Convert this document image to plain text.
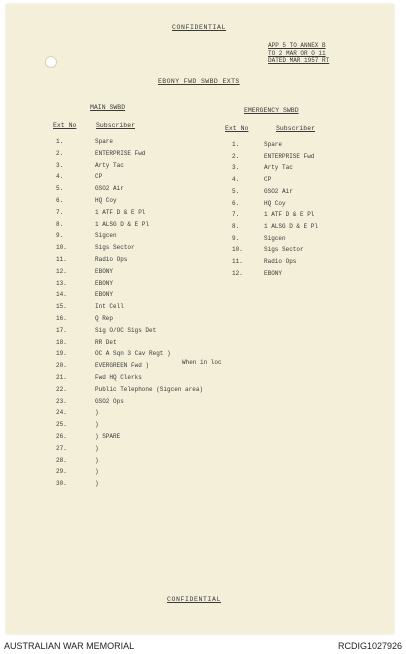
CONFIDENTIAL
APP 5 TO ANNEX B
TO 2 MAR OR O 11
DATED MAR 1957 RT
EBONY FWD SWBD EXTS
MAIN SWBD
Ext No	Subscriber
EMERGENCY SWBD
Ext No	Subscriber
1.	Spare
2.	ENTERPRISE Fwd
3.	Arty Tac
4.	CP
5.	GSO2 Air
6.	HQ Coy
7.	1 ATF D & E Pl
8.	1 ALSG D & E Pl
9.	Sigcen
10.	Sigs Sector
11.	Radio Ops
12.	EBONY
13.	EBONY
14.	EBONY
15.	Int Cell
16.	Q Rep
17.	Sig O/OC Sigs Det
18.	RR Det
19.	OC A Sqn 3 Cav Regt )
20.	EVERGREEN Fwd )
21.	Fwd HQ Clerks
22.	Public Telephone (Sigcen area)
23.	GSO2 Ops
24.	)
25.	)
26.	) SPARE
27.	)
28.	)
29.	)
30.	)
1.	Spare
2.	ENTERPRISE Fwd
3.	Arty Tac
4.	CP
5.	GSO2 Air
6.	HQ Coy
7.	1 ATF D & E Pl
8.	1 ALSG D & E Pl
9.	Sigcen
10.	Sigs Sector
11.	Radio Ops
12.	EBONY
When in loc
CONFIDENTIAL
AUSTRALIAN WAR MEMORIAL	RCDIG1027926
